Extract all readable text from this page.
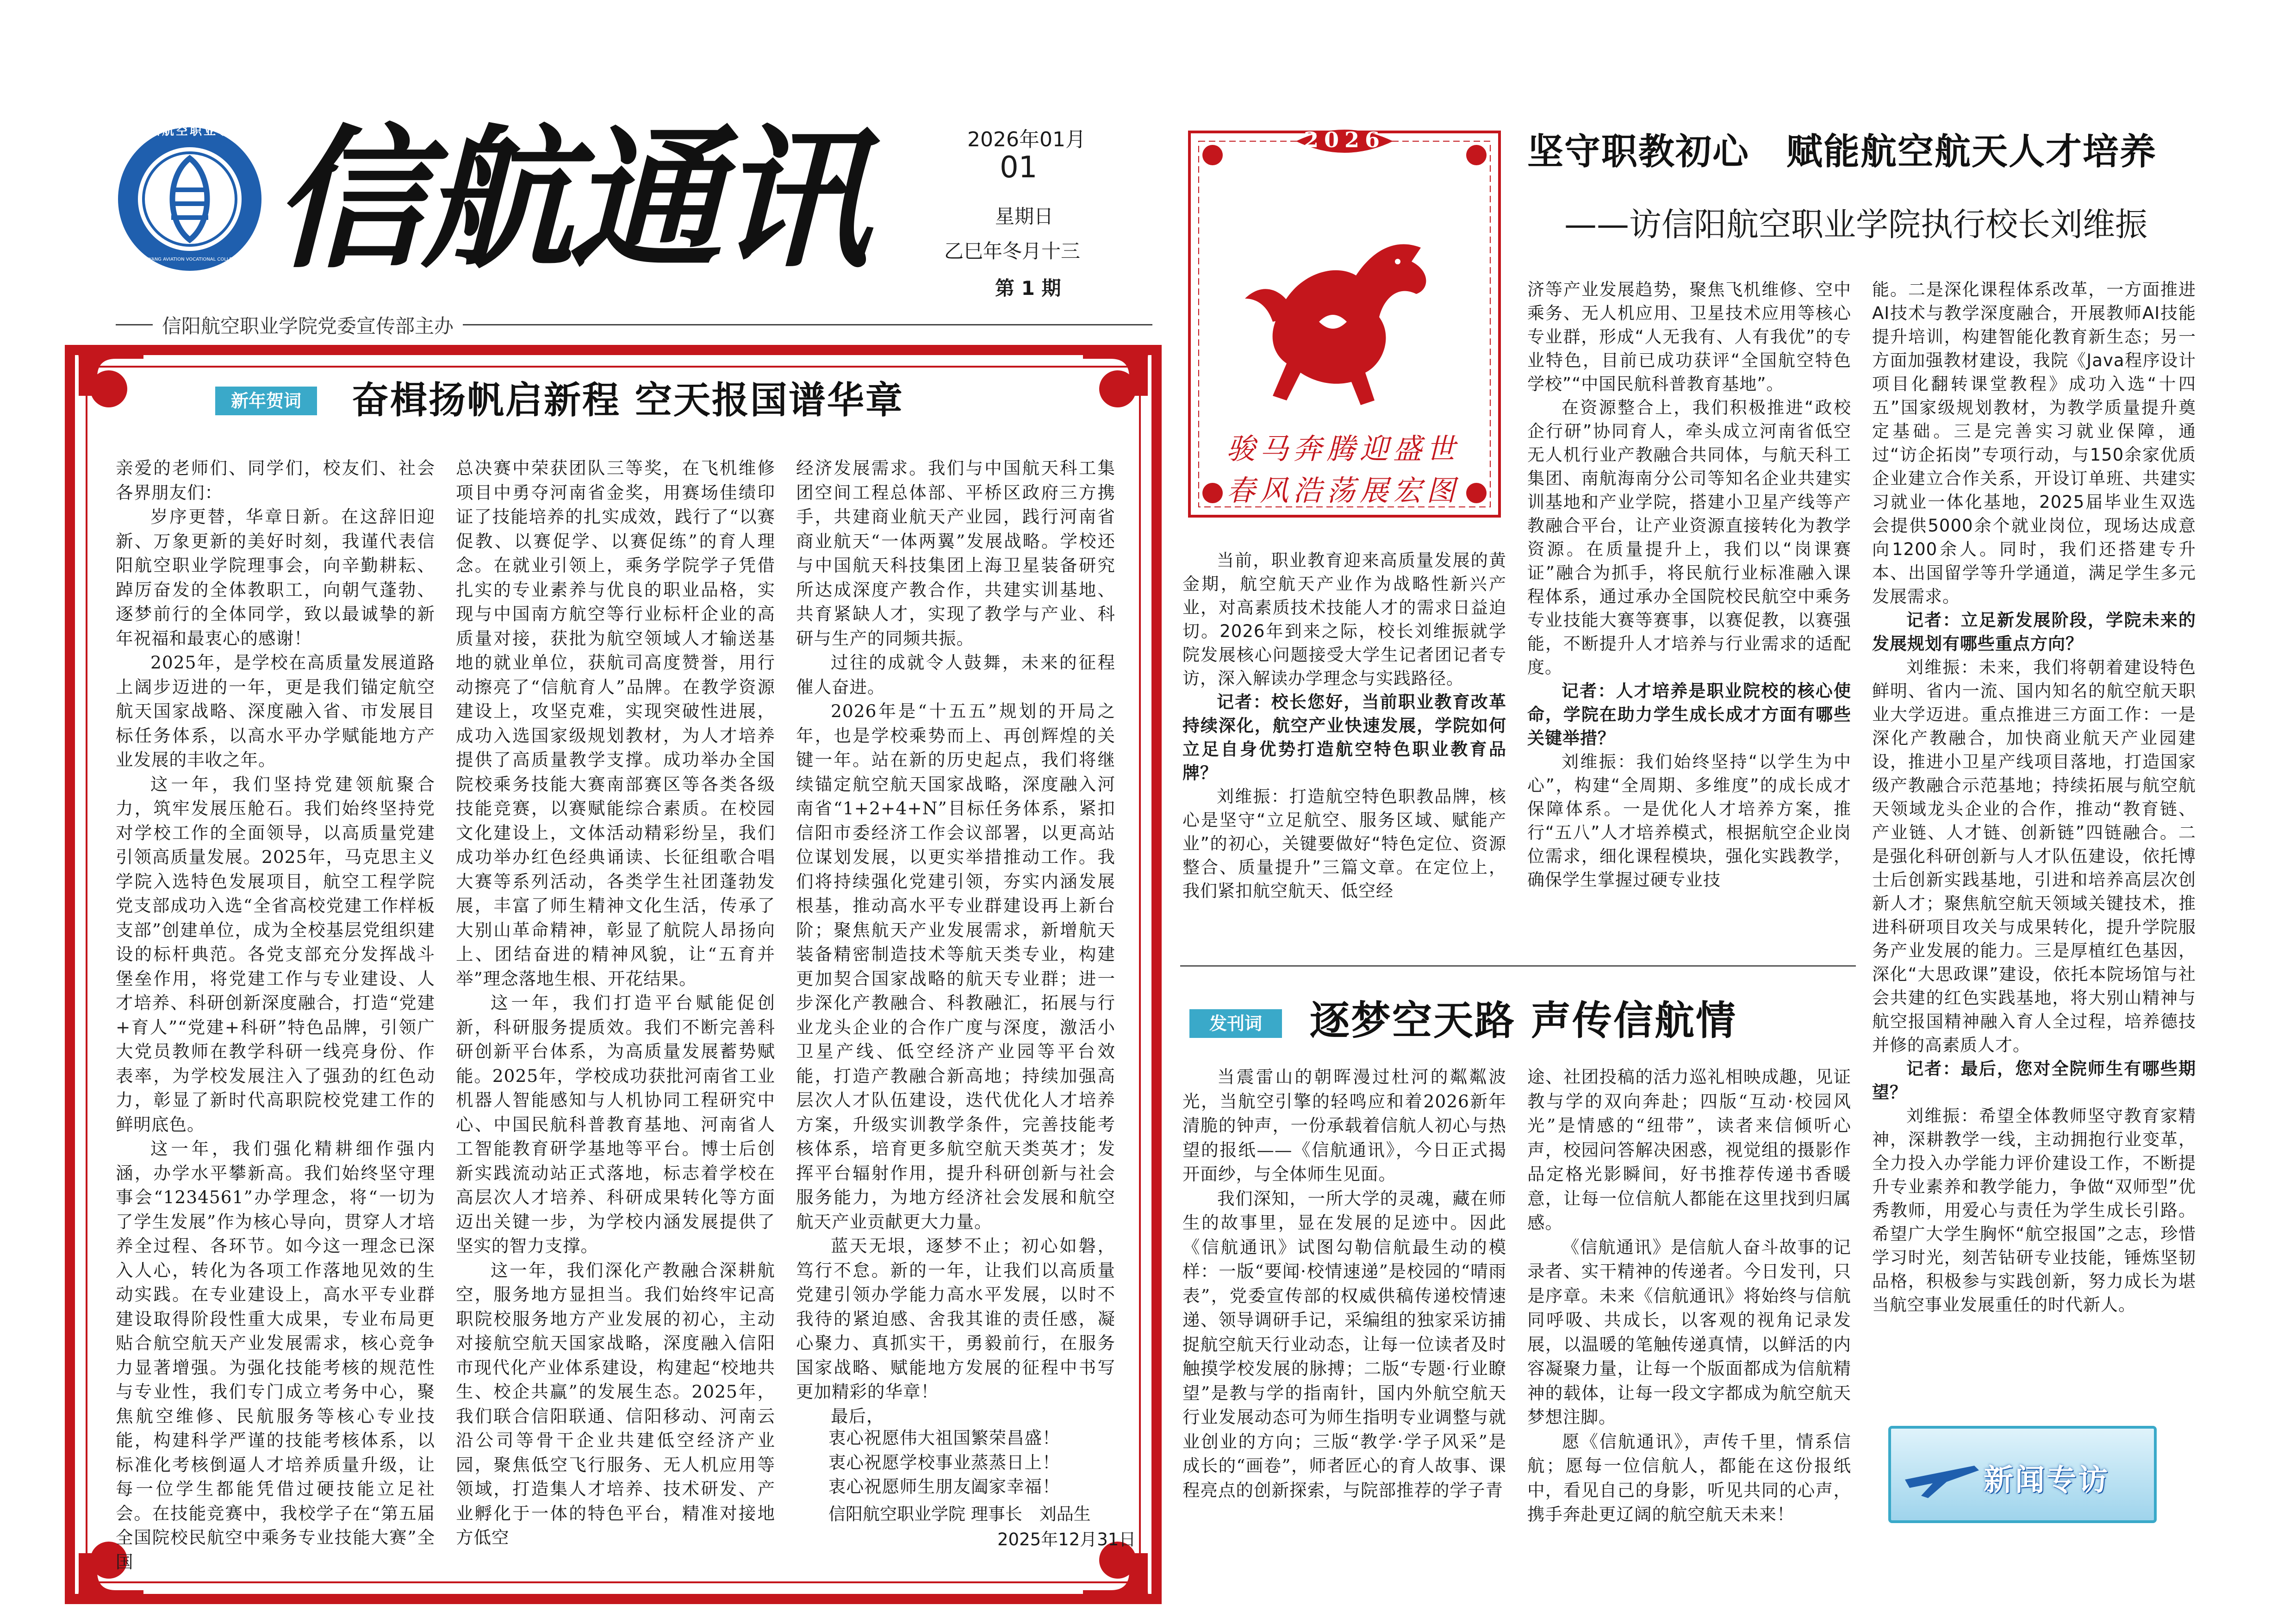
信阳航空职业学院
XINYANG AVIATION VOCATIONAL COLLEGE 信航通讯	2026年01月
01
星期日
乙巳年冬月十三
第 1 期
信阳航空职业学院党委宣传部主办
新年贺词	奋楫扬帆启新程 空天报国谱华章

亲爱的老师们、同学们，校友们、社会各界朋友们：

岁序更替，华章日新。在这辞旧迎新、万象更新的美好时刻，我谨代表信阳航空职业学院理事会，向辛勤耕耘、踔厉奋发的全体教职工，向朝气蓬勃、逐梦前行的全体同学，致以最诚挚的新年祝福和最衷心的感谢！

2025年，是学校在高质量发展道路上阔步迈进的一年，更是我们锚定航空航天国家战略、深度融入省、市发展目标任务体系，以高水平办学赋能地方产业发展的丰收之年。

这一年，我们坚持党建领航聚合力，筑牢发展压舱石。我们始终坚持党对学校工作的全面领导，以高质量党建引领高质量发展。2025年，马克思主义学院入选特色发展项目，航空工程学院党支部成功入选“全省高校党建工作样板支部”创建单位，成为全校基层党组织建设的标杆典范。各党支部充分发挥战斗堡垒作用，将党建工作与专业建设、人才培养、科研创新深度融合，打造“党建+育人”“党建+科研”特色品牌，引领广大党员教师在教学科研一线亮身份、作表率，为学校发展注入了强劲的红色动力，彰显了新时代高职院校党建工作的鲜明底色。

这一年，我们强化精耕细作强内涵，办学水平攀新高。我们始终坚守理事会“1234561”办学理念，将“一切为了学生发展”作为核心导向，贯穿人才培养全过程、各环节。如今这一理念已深入人心，转化为各项工作落地见效的生动实践。在专业建设上，高水平专业群建设取得阶段性重大成果，专业布局更贴合航空航天产业发展需求，核心竞争力显著增强。为强化技能考核的规范性与专业性，我们专门成立考务中心，聚焦航空维修、民航服务等核心专业技能，构建科学严谨的技能考核体系，以标准化考核倒逼人才培养质量升级，让每一位学生都能凭借过硬技能立足社会。在技能竞赛中，我校学子在“第五届全国院校民航空中乘务专业技能大赛”全国

总决赛中荣获团队三等奖，在飞机维修项目中勇夺河南省金奖，用赛场佳绩印证了技能培养的扎实成效，践行了“以赛促教、以赛促学、以赛促练”的育人理念。在就业引领上，乘务学院学子凭借扎实的专业素养与优良的职业品格，实现与中国南方航空等行业标杆企业的高质量对接，获批为航空领域人才输送基地的就业单位，获航司高度赞誉，用行动擦亮了“信航育人”品牌。在教学资源建设上，攻坚克难，实现突破性进展，成功入选国家级规划教材，为人才培养提供了高质量教学支撑。成功举办全国院校乘务技能大赛南部赛区等各类各级技能竞赛，以赛赋能综合素质。在校园文化建设上，文体活动精彩纷呈，我们成功举办红色经典诵读、长征组歌合唱大赛等系列活动，各类学生社团蓬勃发展，丰富了师生精神文化生活，传承了大别山革命精神，彰显了航院人昂扬向上、团结奋进的精神风貌，让“五育并举”理念落地生根、开花结果。

这一年，我们打造平台赋能促创新，科研服务提质效。我们不断完善科研创新平台体系，为高质量发展蓄势赋能。2025年，学校成功获批河南省工业机器人智能感知与人机协同工程研究中心、中国民航科普教育基地、河南省人工智能教育研学基地等平台。博士后创新实践流动站正式落地，标志着学校在高层次人才培养、科研成果转化等方面迈出关键一步，为学校内涵发展提供了坚实的智力支撑。

这一年，我们深化产教融合深耕航空，服务地方显担当。我们始终牢记高职院校服务地方产业发展的初心，主动对接航空航天国家战略，深度融入信阳市现代化产业体系建设，构建起“校地共生、校企共赢”的发展生态。2025年，我们联合信阳联通、信阳移动、河南云沿公司等骨干企业共建低空经济产业园，聚焦低空飞行服务、无人机应用等领域，打造集人才培养、技术研发、产业孵化于一体的特色平台，精准对接地方低空

经济发展需求。我们与中国航天科工集团空间工程总体部、平桥区政府三方携手，共建商业航天产业园，践行河南省商业航天“一体两翼”发展战略。学校还与中国航天科技集团上海卫星装备研究所达成深度产教合作，共建实训基地、共育紧缺人才，实现了教学与产业、科研与生产的同频共振。

过往的成就令人鼓舞，未来的征程催人奋进。

2026年是“十五五”规划的开局之年，也是学校乘势而上、再创辉煌的关键一年。站在新的历史起点，我们将继续锚定航空航天国家战略，深度融入河南省“1+2+4+N”目标任务体系，紧扣信阳市委经济工作会议部署，以更高站位谋划发展，以更实举措推动工作。我们将持续强化党建引领，夯实内涵发展根基，推动高水平专业群建设再上新台阶；聚焦航天产业发展需求，新增航天装备精密制造技术等航天类专业，构建更加契合国家战略的航天专业群；进一步深化产教融合、科教融汇，拓展与行业龙头企业的合作广度与深度，激活小卫星产线、低空经济产业园等平台效能，打造产教融合新高地；持续加强高层次人才队伍建设，迭代优化人才培养方案，升级实训教学条件，完善技能考核体系，培育更多航空航天类英才；发挥平台辐射作用，提升科研创新与社会服务能力，为地方经济社会发展和航空航天产业贡献更大力量。

蓝天无垠，逐梦不止；初心如磐，笃行不怠。新的一年，让我们以高质量党建引领办学能力高水平发展，以时不我待的紧迫感、舍我其谁的责任感，凝心聚力、真抓实干，勇毅前行，在服务国家战略、赋能地方发展的征程中书写更加精彩的华章！

最后，

衷心祝愿伟大祖国繁荣昌盛！
衷心祝愿学校事业蒸蒸日上！
衷心祝愿师生朋友阖家幸福！
信阳航空职业学院 理事长　刘品生
2025年12月31日
2026
骏马奔腾迎盛世
春风浩荡展宏图
坚守职教初心　赋能航空航天人才培养
——访信阳航空职业学院执行校长刘维振

当前，职业教育迎来高质量发展的黄金期，航空航天产业作为战略性新兴产业，对高素质技术技能人才的需求日益迫切。2026年到来之际，校长刘维振就学院发展核心问题接受大学生记者团记者专访，深入解读办学理念与实践路径。

记者：校长您好，当前职业教育改革持续深化，航空产业快速发展，学院如何立足自身优势打造航空特色职业教育品牌？

刘维振：打造航空特色职教品牌，核心是坚守“立足航空、服务区域、赋能产业”的初心，关键要做好“特色定位、资源整合、质量提升”三篇文章。在定位上，我们紧扣航空航天、低空经

济等产业发展趋势，聚焦飞机维修、空中乘务、无人机应用、卫星技术应用等核心专业群，形成“人无我有、人有我优”的专业特色，目前已成功获评“全国航空特色学校”“中国民航科普教育基地”。

在资源整合上，我们积极推进“政校企行研”协同育人，牵头成立河南省低空无人机行业产教融合共同体，与航天科工集团、南航海南分公司等知名企业共建实训基地和产业学院，搭建小卫星产线等产教融合平台，让产业资源直接转化为教学资源。在质量提升上，我们以“岗课赛证”融合为抓手，将民航行业标准融入课程体系，通过承办全国院校民航空中乘务专业技能大赛等赛事，以赛促教，以赛强能，不断提升人才培养与行业需求的适配度。

记者：人才培养是职业院校的核心使命，学院在助力学生成长成才方面有哪些关键举措？

刘维振：我们始终坚持“以学生为中心”，构建“全周期、多维度”的成长成才保障体系。一是优化人才培养方案，推行“五八”人才培养模式，根据航空企业岗位需求，细化课程模块，强化实践教学，确保学生掌握过硬专业技

能。二是深化课程体系改革，一方面推进AI技术与教学深度融合，开展教师AI技能提升培训，构建智能化教育新生态；另一方面加强教材建设，我院《Java程序设计项目化翻转课堂教程》成功入选“十四五”国家级规划教材，为教学质量提升奠定基础。三是完善实习就业保障，通过“访企拓岗”专项行动，与150余家优质企业建立合作关系，开设订单班、共建实习就业一体化基地，2025届毕业生双选会提供5000余个就业岗位，现场达成意向1200余人。同时，我们还搭建专升本、出国留学等升学通道，满足学生多元发展需求。

记者：立足新发展阶段，学院未来的发展规划有哪些重点方向？

刘维振：未来，我们将朝着建设特色鲜明、省内一流、国内知名的航空航天职业大学迈进。重点推进三方面工作：一是深化产教融合，加快商业航天产业园建设，推进小卫星产线项目落地，打造国家级产教融合示范基地；持续拓展与航空航天领域龙头企业的合作，推动“教育链、产业链、人才链、创新链”四链融合。二是强化科研创新与人才队伍建设，依托博士后创新实践基地，引进和培养高层次创新人才；聚焦航空航天领域关键技术，推进科研项目攻关与成果转化，提升学院服务产业发展的能力。三是厚植红色基因，深化“大思政课”建设，依托本院场馆与社会共建的红色实践基地，将大别山精神与航空报国精神融入育人全过程，培养德技并修的高素质人才。

记者：最后，您对全院师生有哪些期望？

刘维振：希望全体教师坚守教育家精神，深耕教学一线，主动拥抱行业变革，全力投入办学能力评价建设工作，不断提升专业素养和教学能力，争做“双师型”优秀教师，用爱心与责任为学生成长引路。希望广大学生胸怀“航空报国”之志，珍惜学习时光，刻苦钻研专业技能，锤炼坚韧品格，积极参与实践创新，努力成长为堪当航空事业发展重任的时代新人。

发刊词	逐梦空天路 声传信航情

当震雷山的朝晖漫过杜河的粼粼波光，当航空引擎的轻鸣应和着2026新年清脆的钟声，一份承载着信航人初心与热望的报纸——《信航通讯》，今日正式揭开面纱，与全体师生见面。

我们深知，一所大学的灵魂，藏在师生的故事里，显在发展的足迹中。因此《信航通讯》试图勾勒信航最生动的模样：一版“要闻·校情速递”是校园的“晴雨表”，党委宣传部的权威供稿传递校情速递、领导调研手记，采编组的独家采访捕捉航空航天行业动态，让每一位读者及时触摸学校发展的脉搏；二版“专题·行业瞭望”是教与学的指南针，国内外航空航天行业发展动态可为师生指明专业调整与就业创业的方向；三版“教学·学子风采”是成长的“画卷”，师者匠心的育人故事、课程亮点的创新探索，与院部推荐的学子青

途、社团投稿的活力巡礼相映成趣，见证教与学的双向奔赴；四版“互动·校园风光”是情感的“纽带”，读者来信倾听心声，校园问答解决困惑，视觉组的摄影作品定格光影瞬间，好书推荐传递书香暖意，让每一位信航人都能在这里找到归属感。

《信航通讯》是信航人奋斗故事的记录者、实干精神的传递者。今日发刊，只是序章。未来《信航通讯》将始终与信航同呼吸、共成长，以客观的视角记录发展，以温暖的笔触传递真情，以鲜活的内容凝聚力量，让每一个版面都成为信航精神的载体，让每一段文字都成为航空航天梦想注脚。

愿《信航通讯》，声传千里，情系信航；愿每一位信航人，都能在这份报纸中，看见自己的身影，听见共同的心声，携手奔赴更辽阔的航空航天未来！

新闻专访
